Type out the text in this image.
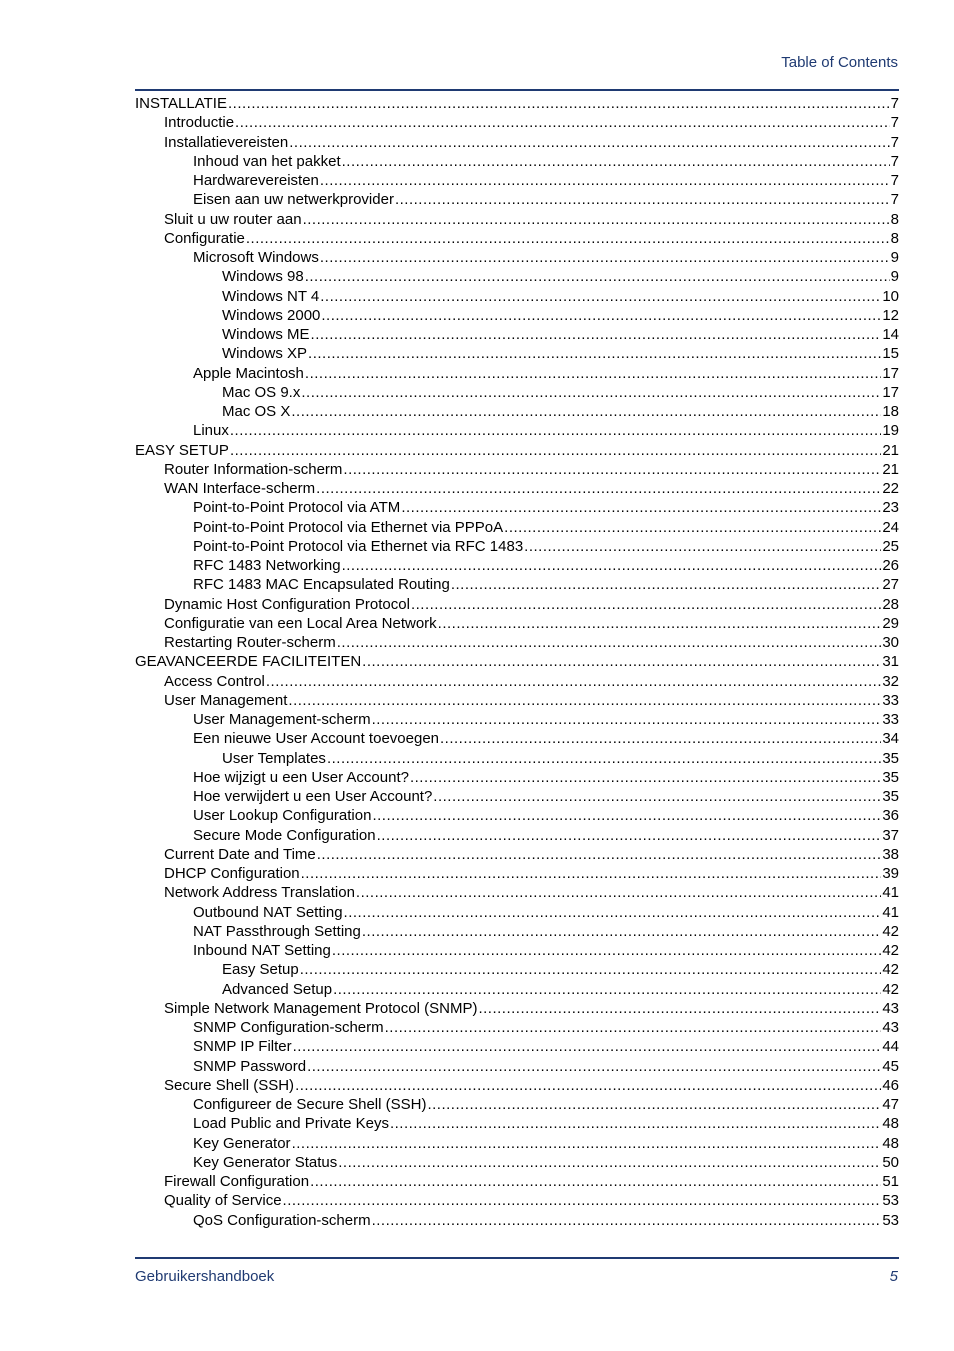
Table of Contents
INSTALLATIE .....	7
Introductie .....	7
Installatievereisten .....	7
Inhoud van het pakket .....	7
Hardwarevereisten .....	7
Eisen aan uw netwerkprovider .....	7
Sluit u uw router aan .....	8
Configuratie .....	8
Microsoft Windows .....	9
Windows 98 .....	9
Windows NT 4 .....	10
Windows 2000 .....	12
Windows ME .....	14
Windows XP .....	15
Apple Macintosh .....	17
Mac OS 9.x .....	17
Mac OS X .....	18
Linux .....	19
EASY SETUP .....	21
Router Information-scherm .....	21
WAN Interface-scherm .....	22
Point-to-Point Protocol via ATM .....	23
Point-to-Point Protocol via Ethernet via PPPoA .....	24
Point-to-Point Protocol via Ethernet via RFC 1483 .....	25
RFC 1483 Networking .....	26
RFC 1483 MAC Encapsulated Routing .....	27
Dynamic Host Configuration Protocol .....	28
Configuratie van een Local Area Network .....	29
Restarting Router-scherm .....	30
GEAVANCEERDE FACILITEITEN .....	31
Access Control .....	32
User Management .....	33
User Management-scherm .....	33
Een nieuwe User Account toevoegen .....	34
User Templates .....	35
Hoe wijzigt u een User Account? .....	35
Hoe verwijdert u een User Account? .....	35
User Lookup Configuration .....	36
Secure Mode Configuration .....	37
Current Date and Time .....	38
DHCP Configuration .....	39
Network Address Translation .....	41
Outbound NAT Setting .....	41
NAT Passthrough Setting .....	42
Inbound NAT Setting .....	42
Easy Setup .....	42
Advanced Setup .....	42
Simple Network Management Protocol (SNMP) .....	43
SNMP Configuration-scherm .....	43
SNMP IP Filter .....	44
SNMP Password .....	45
Secure Shell (SSH) .....	46
Configureer de Secure Shell (SSH) .....	47
Load Public and Private Keys .....	48
Key Generator .....	48
Key Generator Status .....	50
Firewall Configuration .....	51
Quality of Service .....	53
QoS Configuration-scherm .....	53
Gebruikershandboek	5
